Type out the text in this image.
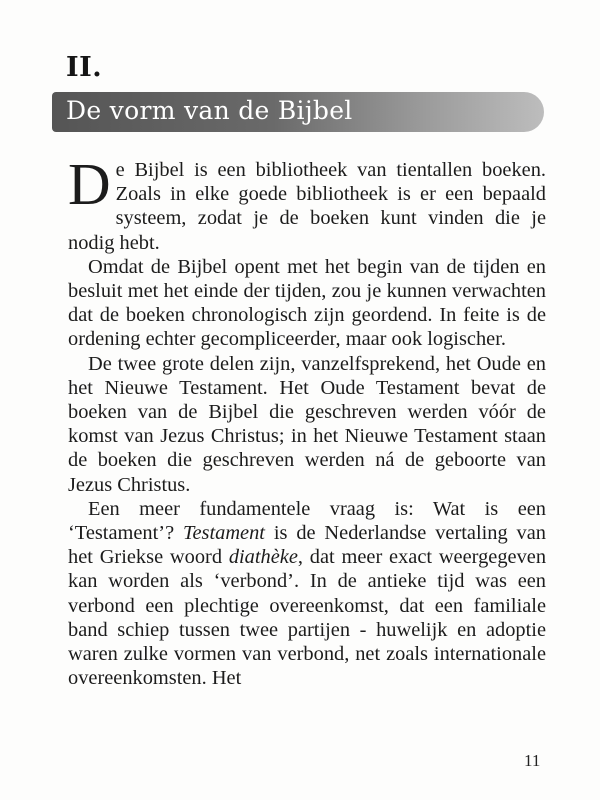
II.
De vorm van de Bijbel

De Bijbel is een bibliotheek van tientallen boeken. Zoals in elke goede bibliotheek is er een bepaald systeem, zodat je de boeken kunt vinden die je nodig hebt.

Omdat de Bijbel opent met het begin van de tijden en besluit met het einde der tijden, zou je kunnen verwachten dat de boeken chronologisch zijn geordend. In feite is de ordening echter gecompliceerder, maar ook logischer.

De twee grote delen zijn, vanzelfsprekend, het Oude en het Nieuwe Testament. Het Oude Testament bevat de boeken van de Bijbel die geschreven werden vóór de komst van Jezus Christus; in het Nieuwe Testament staan de boeken die geschreven werden ná de geboorte van Jezus Christus.

Een meer fundamentele vraag is: Wat is een ‘Testament’? Testament is de Nederlandse vertaling van het Griekse woord diathèke, dat meer exact weergegeven kan worden als ‘verbond’. In de antieke tijd was een verbond een plechtige overeenkomst, dat een familiale band schiep tussen twee partijen - huwelijk en adoptie waren zulke vormen van verbond, net zoals internationale overeenkomsten. Het

11
